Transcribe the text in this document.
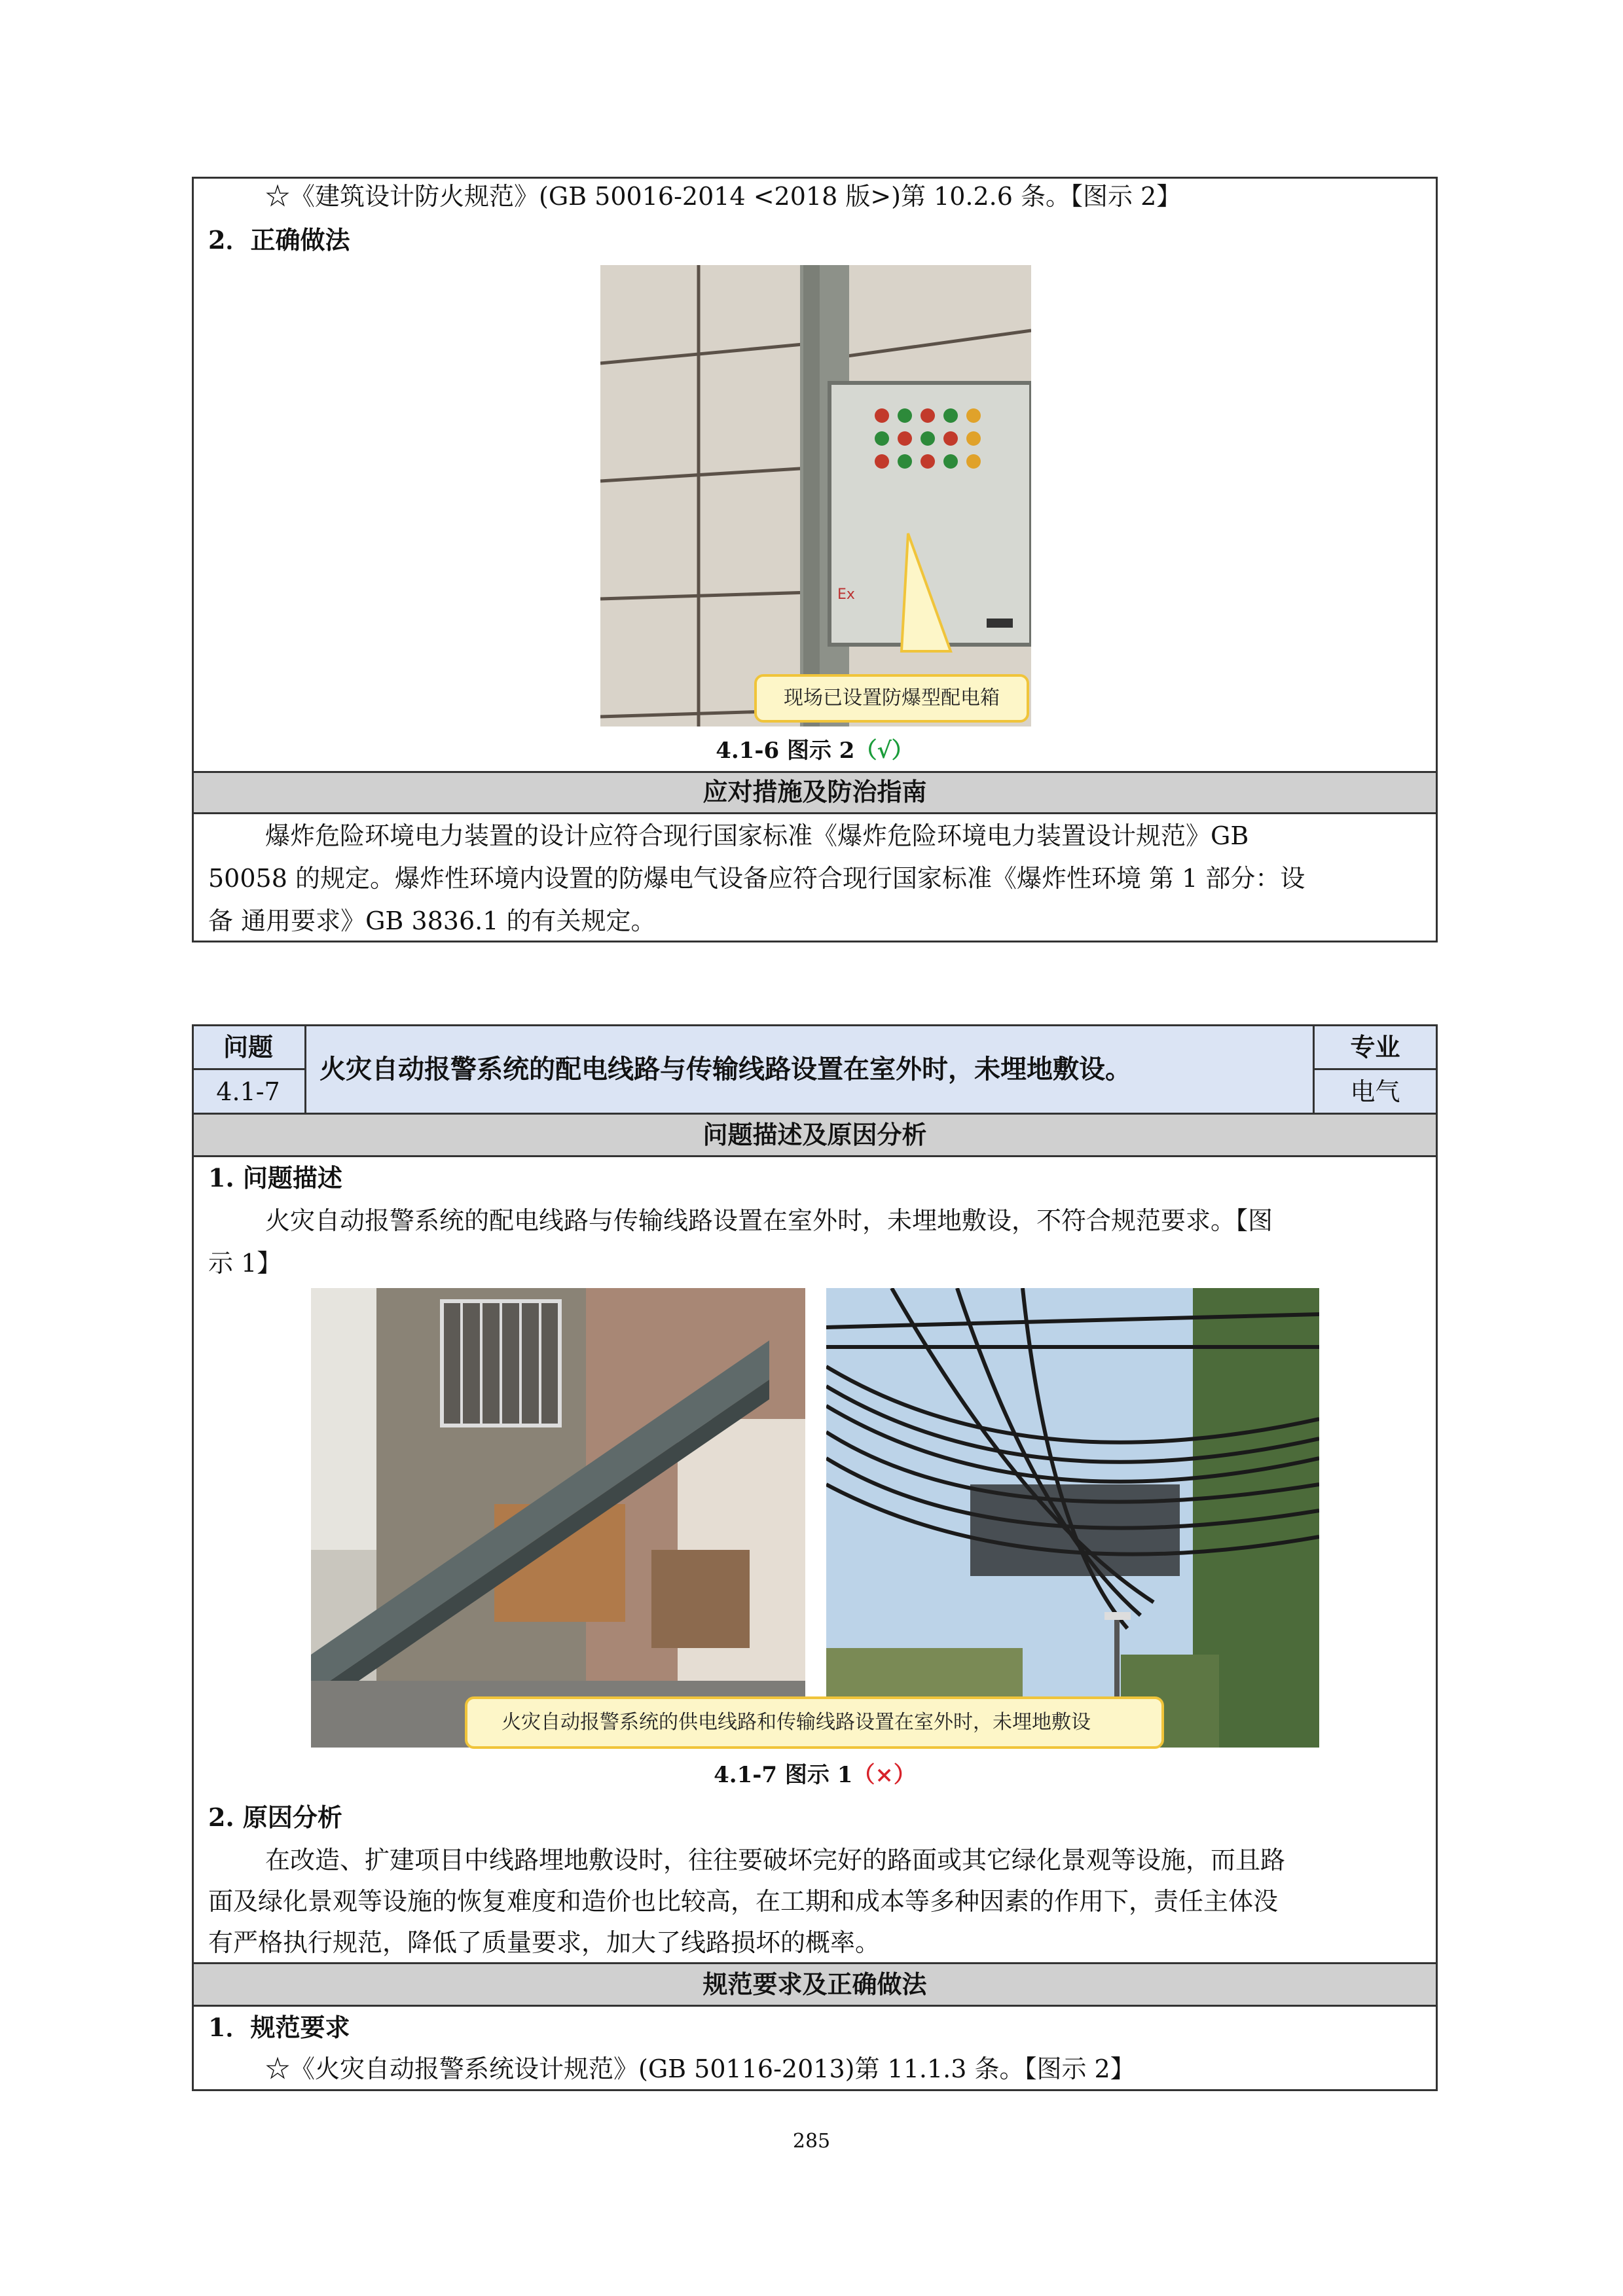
☆《建筑设计防火规范》(GB 50016-2014 <2018 版>)第 10.2.6 条。【图示 2】
2．正确做法
Ex
现场已设置防爆型配电箱
4.1-6 图示 2（√）
应对措施及防治指南
爆炸危险环境电力装置的设计应符合现行国家标准《爆炸危险环境电力装置设计规范》GB
50058 的规定。爆炸性环境内设置的防爆电气设备应符合现行国家标准《爆炸性环境 第 1 部分：设
备 通用要求》GB 3836.1 的有关规定。
问题
4.1-7
火灾自动报警系统的配电线路与传输线路设置在室外时，未埋地敷设。
专业
电气
问题描述及原因分析
1. 问题描述
火灾自动报警系统的配电线路与传输线路设置在室外时，未埋地敷设，不符合规范要求。【图
示 1】
火灾自动报警系统的供电线路和传输线路设置在室外时，未埋地敷设
4.1-7 图示 1（×）
2. 原因分析
在改造、扩建项目中线路埋地敷设时，往往要破坏完好的路面或其它绿化景观等设施，而且路
面及绿化景观等设施的恢复难度和造价也比较高，在工期和成本等多种因素的作用下，责任主体没
有严格执行规范，降低了质量要求，加大了线路损坏的概率。
规范要求及正确做法
1．规范要求
☆《火灾自动报警系统设计规范》(GB 50116-2013)第 11.1.3 条。【图示 2】
285
